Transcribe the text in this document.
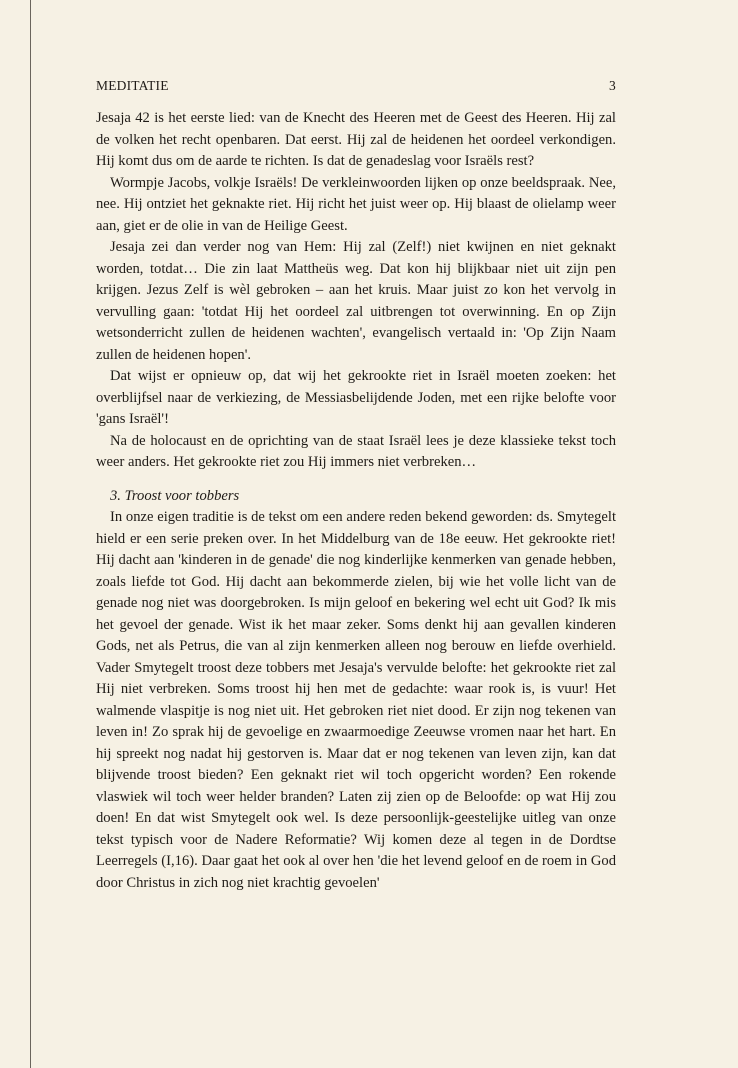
MEDITATIE	3

Jesaja 42 is het eerste lied: van de Knecht des Heeren met de Geest des Heeren. Hij zal de volken het recht openbaren. Dat eerst. Hij zal de heidenen het oordeel verkondigen. Hij komt dus om de aarde te richten. Is dat de genadeslag voor Israëls rest?

Wormpje Jacobs, volkje Israëls! De verkleinwoorden lijken op onze beeldspraak. Nee, nee. Hij ontziet het geknakte riet. Hij richt het juist weer op. Hij blaast de olielamp weer aan, giet er de olie in van de Heilige Geest.

Jesaja zei dan verder nog van Hem: Hij zal (Zelf!) niet kwijnen en niet geknakt worden, totdat… Die zin laat Mattheüs weg. Dat kon hij blijkbaar niet uit zijn pen krijgen. Jezus Zelf is wèl gebroken – aan het kruis. Maar juist zo kon het vervolg in vervulling gaan: 'totdat Hij het oordeel zal uitbrengen tot overwinning. En op Zijn wetsonderricht zullen de heidenen wachten', evangelisch vertaald in: 'Op Zijn Naam zullen de heidenen hopen'.

Dat wijst er opnieuw op, dat wij het gekrookte riet in Israël moeten zoeken: het overblijfsel naar de verkiezing, de Messiasbelijdende Joden, met een rijke belofte voor 'gans Israël'!

Na de holocaust en de oprichting van de staat Israël lees je deze klassieke tekst toch weer anders. Het gekrookte riet zou Hij immers niet verbreken…

3. Troost voor tobbers

In onze eigen traditie is de tekst om een andere reden bekend geworden: ds. Smytegelt hield er een serie preken over. In het Middelburg van de 18e eeuw. Het gekrookte riet! Hij dacht aan 'kinderen in de genade' die nog kinderlijke kenmerken van genade hebben, zoals liefde tot God. Hij dacht aan bekommerde zielen, bij wie het volle licht van de genade nog niet was doorgebroken. Is mijn geloof en bekering wel echt uit God? Ik mis het gevoel der genade. Wist ik het maar zeker. Soms denkt hij aan gevallen kinderen Gods, net als Petrus, die van al zijn kenmerken alleen nog berouw en liefde overhield. Vader Smytegelt troost deze tobbers met Jesaja's vervulde belofte: het gekrookte riet zal Hij niet verbreken. Soms troost hij hen met de gedachte: waar rook is, is vuur! Het walmende vlaspitje is nog niet uit. Het gebroken riet niet dood. Er zijn nog tekenen van leven in! Zo sprak hij de gevoelige en zwaarmoedige Zeeuwse vromen naar het hart. En hij spreekt nog nadat hij gestorven is. Maar dat er nog tekenen van leven zijn, kan dat blijvende troost bieden? Een geknakt riet wil toch opgericht worden? Een rokende vlaswiek wil toch weer helder branden? Laten zij zien op de Beloofde: op wat Hij zou doen! En dat wist Smytegelt ook wel. Is deze persoonlijk-geestelijke uitleg van onze tekst typisch voor de Nadere Reformatie? Wij komen deze al tegen in de Dordtse Leerregels (I,16). Daar gaat het ook al over hen 'die het levend geloof en de roem in God door Christus in zich nog niet krachtig gevoelen'
